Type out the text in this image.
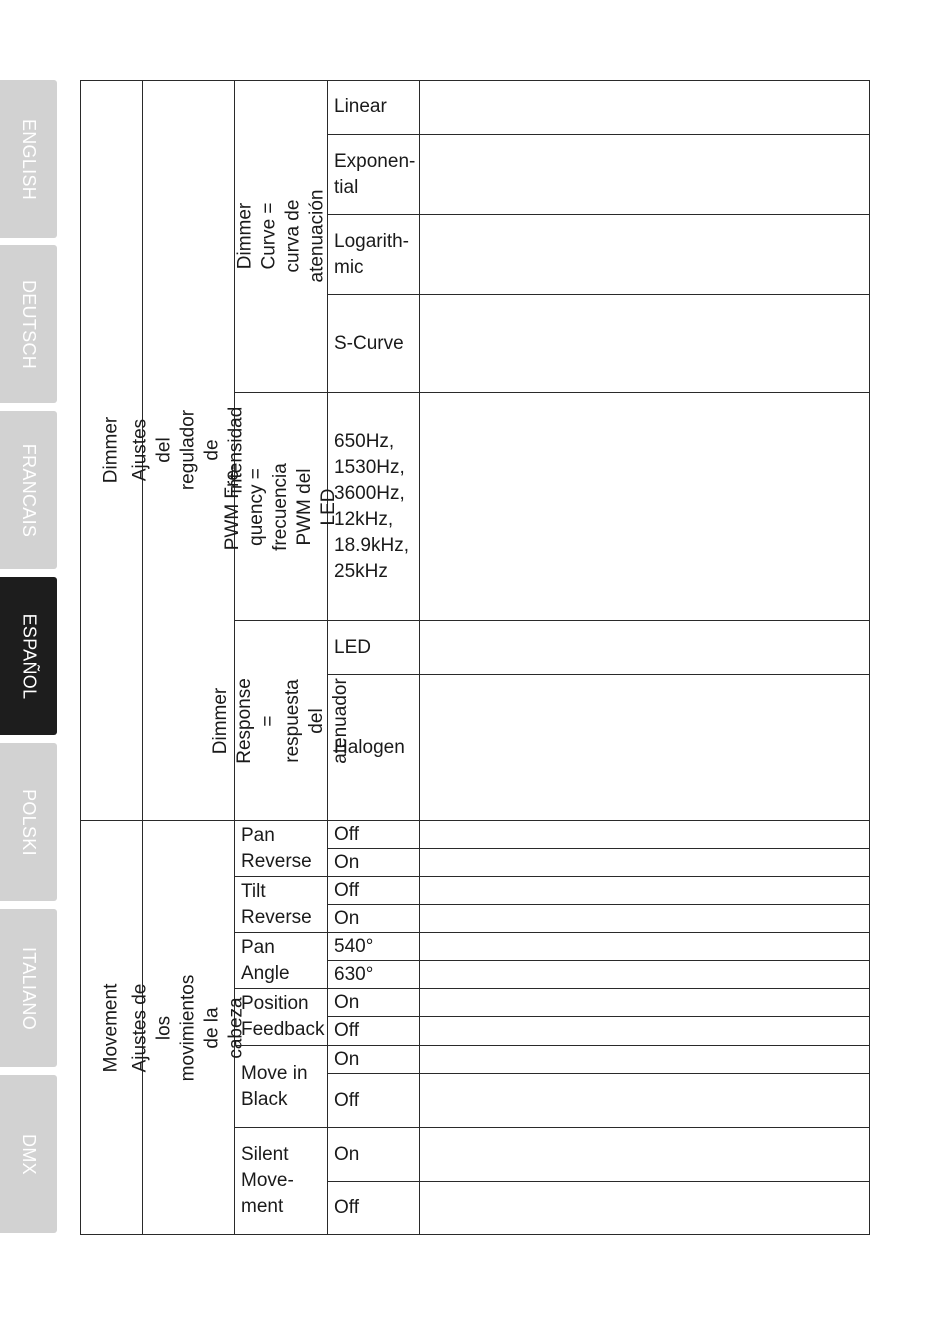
ENGLISH
DEUTSCH
FRANCAIS
ESPAÑOL
POLSKI
ITALIANO
DMX
Dimmer
Movement
Ajustes del regulador de intensidad
Ajustes de los movimientos de la cabeza
Dimmer Curve = curva de atenuación
PWM Fre-quency =
frecuencia PWM del LED
Dimmer Response =
respuesta del
atenuador
Pan
Reverse
Tilt
Reverse
Pan Angle
Position
Feedback
Move in
Black
Silent
Move-
ment
Linear
Exponen-
tial
Logarith-
mic
S-Curve
650Hz,
1530Hz,
3600Hz,
12kHz,
18.9kHz,
25kHz
LED
Halogen
Off
On
Off
On
540°
630°
On
Off
On
Off
On
Off
